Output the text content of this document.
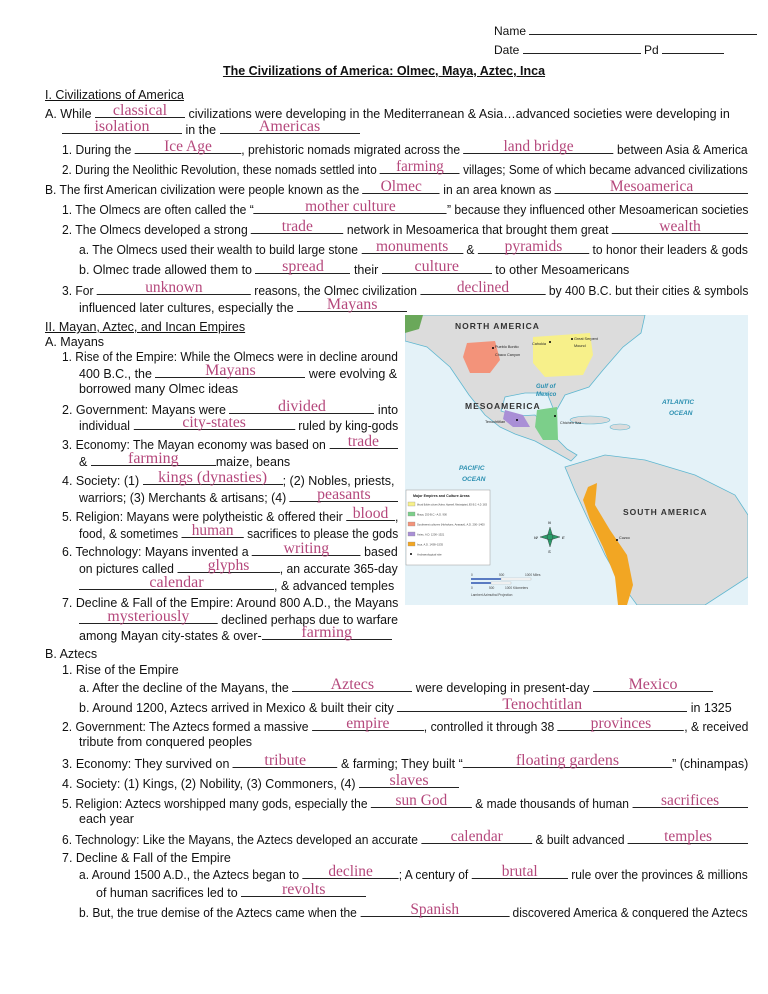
Name
Date	Pd
The Civilizations of America: Olmec, Maya, Aztec, Inca
I. Civilizations of America
A. While	classical	civilizations were developing in the Mediterranean & Asia…advanced societies were developing in
isolation	in the	Americas
1. During the	Ice Age	, prehistoric nomads migrated across the	land bridge	between Asia & America
2. During the Neolithic Revolution, these nomads settled into	farming	villages; Some of which became advanced civilizations
B. The first American civilization were people known as the	Olmec	in an area known as	Mesoamerica
1. The Olmecs are often called the “	mother culture	” because they influenced other Mesoamerican societies
2. The Olmecs developed a strong	trade	network in Mesoamerica that brought them great	wealth
a. The Olmecs used their wealth to build large stone monuments	&	pyramids	to honor their leaders & gods
b. Olmec trade allowed them to	spread	their	culture	to other Mesoamericans
3. For	unknown	reasons, the Olmec civilization	declined	by 400 B.C. but their cities & symbols
influenced later cultures, especially the	Mayans
II. Mayan, Aztec, and Incan Empires
A. Mayans
1. Rise of the Empire: While the Olmecs were in decline around
400 B.C., the	Mayans	were evolving &
borrowed many Olmec ideas
2. Government: Mayans were	divided	into
individual	city-states	ruled by king-gods
3. Economy: The Mayan economy was based on	trade
&	farming	maize, beans
4. Society: (1) kings (dynasties)	; (2) Nobles, priests,
warriors; (3) Merchants & artisans; (4)	peasants
5. Religion: Mayans were polytheistic & offered their blood ,
food, & sometimes human sacrifices to please the gods
6. Technology: Mayans invented a	writing	based
on pictures called	glyphs	, an accurate 365-day
calendar	, & advanced temples
7. Decline & Fall of the Empire: Around 800 A.D., the Mayans
mysteriously	declined perhaps due to warfare
among Mayan city-states & over-	farming
B. Aztecs
1. Rise of the Empire
a. After the decline of the Mayans, the	Aztecs	were developing in present-day	Mexico
b. Around 1200, Aztecs arrived in Mexico & built their city	Tenochtitlan	in 1325
2. Government: The Aztecs formed a massive	empire	, controlled it through 38	provinces	, & received
tribute from conquered peoples
3. Economy: They survived on	tribute	& farming; They built “	floating gardens	” (chinampas)
4. Society: (1) Kings, (2) Nobility, (3) Commoners, (4)	slaves
5. Religion: Aztecs worshipped many gods, especially the	sun God	& made thousands of human	sacrifices
each year
6. Technology: Like the Mayans, the Aztecs developed an accurate	calendar	& built advanced	temples
7. Decline & Fall of the Empire
a. Around 1500 A.D., the Aztecs began to	decline	; A century of	brutal	rule over the provinces & millions
of human sacrifices led to	revolts
b. But, the true demise of the Aztecs came when the	Spanish	discovered America & conquered the Aztecs
NORTH AMERICA
MESOAMERICA
SOUTH AMERICA
Gulf of
Mexico
ATLANTIC
OCEAN
PACIFIC
OCEAN
Pueblo Bonito
Chaco Canyon
Cahokia
Great Serpent
Mound
Tenochtitlan	Chichen Itza
Cuzco
Major Empires and Culture Areas
Mound Builder cultures (Adena, Hopewell, Mississippian), 800 B.C.–A.D. 1500
Maya, 250 B.C.–A.D. 900
Southwest cultures (Hohokam, Anasazi), A.D. 200–1400
Aztec, A.D. 1200–1521
Inca, A.D. 1438–1535
Archaeological site
N
S
E
W
0	500	1000 Miles
0	500	1000 Kilometers
Lambert Azimuthal Projection
